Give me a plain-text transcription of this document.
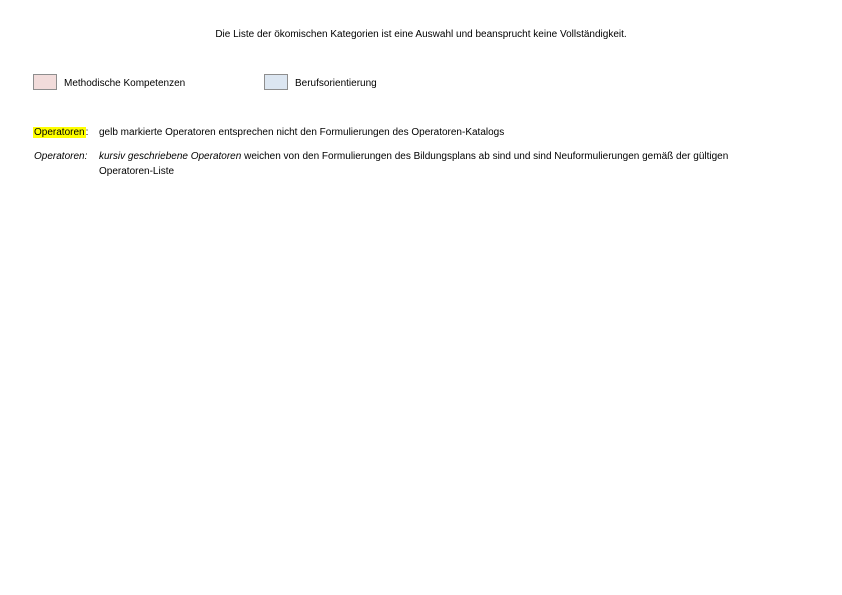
Die Liste der ökomischen Kategorien ist eine Auswahl und beansprucht keine Vollständigkeit.
Methodische Kompetenzen	Berufsorientierung
Operatoren: gelb markierte Operatoren entsprechen nicht den Formulierungen des Operatoren-Katalogs
Operatoren: kursiv geschriebene Operatoren weichen von den Formulierungen des Bildungsplans ab sind und sind Neuformulierungen gemäß der gültigen Operatoren-Liste
